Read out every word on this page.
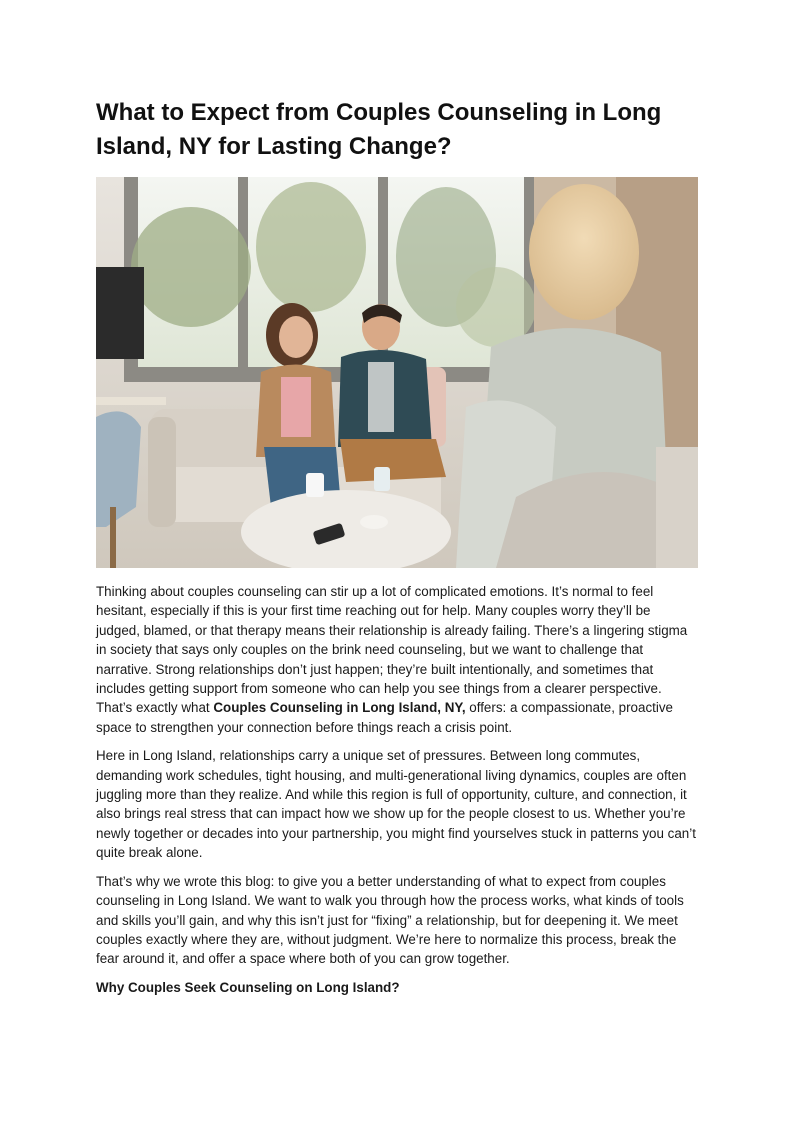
What to Expect from Couples Counseling in Long Island, NY for Lasting Change?

Thinking about couples counseling can stir up a lot of complicated emotions. It’s normal to feel hesitant, especially if this is your first time reaching out for help. Many couples worry they’ll be judged, blamed, or that therapy means their relationship is already failing. There’s a lingering stigma in society that says only couples on the brink need counseling, but we want to challenge that narrative. Strong relationships don’t just happen; they’re built intentionally, and sometimes that includes getting support from someone who can help you see things from a clearer perspective. That’s exactly what Couples Counseling in Long Island, NY, offers: a compassionate, proactive space to strengthen your connection before things reach a crisis point.

Here in Long Island, relationships carry a unique set of pressures. Between long commutes, demanding work schedules, tight housing, and multi-generational living dynamics, couples are often juggling more than they realize. And while this region is full of opportunity, culture, and connection, it also brings real stress that can impact how we show up for the people closest to us. Whether you’re newly together or decades into your partnership, you might find yourselves stuck in patterns you can’t quite break alone.

That’s why we wrote this blog: to give you a better understanding of what to expect from couples counseling in Long Island. We want to walk you through how the process works, what kinds of tools and skills you’ll gain, and why this isn’t just for “fixing” a relationship, but for deepening it. We meet couples exactly where they are, without judgment. We’re here to normalize this process, break the fear around it, and offer a space where both of you can grow together.

Why Couples Seek Counseling on Long Island?
